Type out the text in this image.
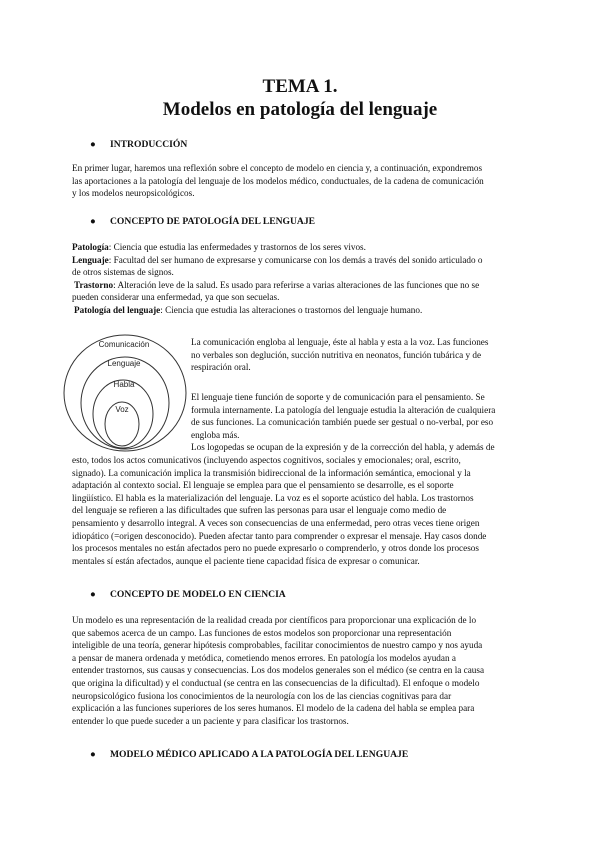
TEMA 1.
Modelos en patología del lenguaje
● INTRODUCCIÓN
En primer lugar, haremos una reflexión sobre el concepto de modelo en ciencia y, a continuación, expondremos
las aportaciones a la patología del lenguaje de los modelos médico, conductuales, de la cadena de comunicación
y los modelos neuropsicológicos.
● CONCEPTO DE PATOLOGÍA DEL LENGUAJE
Patología: Ciencia que estudia las enfermedades y trastornos de los seres vivos.
Lenguaje: Facultad del ser humano de expresarse y comunicarse con los demás a través del sonido articulado o
de otros sistemas de signos.
Trastorno: Alteración leve de la salud. Es usado para referirse a varias alteraciones de las funciones que no se
pueden considerar una enfermedad, ya que son secuelas.
Patología del lenguaje: Ciencia que estudia las alteraciones o trastornos del lenguaje humano.
Comunicación
Lenguaje
Habla
Voz
La comunicación engloba al lenguaje, éste al habla y esta a la voz. Las funciones
no verbales son deglución, succión nutritiva en neonatos, función tubárica y de
respiración oral.
El lenguaje tiene función de soporte y de comunicación para el pensamiento. Se
formula internamente. La patología del lenguaje estudia la alteración de cualquiera
de sus funciones. La comunicación también puede ser gestual o no-verbal, por eso
engloba más.
Los logopedas se ocupan de la expresión y de la corrección del habla, y además de
esto, todos los actos comunicativos (incluyendo aspectos cognitivos, sociales y emocionales; oral, escrito,
signado). La comunicación implica la transmisión bidireccional de la información semántica, emocional y la
adaptación al contexto social. El lenguaje se emplea para que el pensamiento se desarrolle, es el soporte
lingüístico. El habla es la materialización del lenguaje. La voz es el soporte acústico del habla. Los trastornos
del lenguaje se refieren a las dificultades que sufren las personas para usar el lenguaje como medio de
pensamiento y desarrollo integral. A veces son consecuencias de una enfermedad, pero otras veces tiene origen
idiopático (=origen desconocido). Pueden afectar tanto para comprender o expresar el mensaje. Hay casos donde
los procesos mentales no están afectados pero no puede expresarlo o comprenderlo, y otros donde los procesos
mentales sí están afectados, aunque el paciente tiene capacidad física de expresar o comunicar.
● CONCEPTO DE MODELO EN CIENCIA
Un modelo es una representación de la realidad creada por científicos para proporcionar una explicación de lo
que sabemos acerca de un campo. Las funciones de estos modelos son proporcionar una representación
inteligible de una teoría, generar hipótesis comprobables, facilitar conocimientos de nuestro campo y nos ayuda
a pensar de manera ordenada y metódica, cometiendo menos errores. En patología los modelos ayudan a
entender trastornos, sus causas y consecuencias. Los dos modelos generales son el médico (se centra en la causa
que origina la dificultad) y el conductual (se centra en las consecuencias de la dificultad). El enfoque o modelo
neuropsicológico fusiona los conocimientos de la neurología con los de las ciencias cognitivas para dar
explicación a las funciones superiores de los seres humanos. El modelo de la cadena del habla se emplea para
entender lo que puede suceder a un paciente y para clasificar los trastornos.
● MODELO MÉDICO APLICADO A LA PATOLOGÍA DEL LENGUAJE
